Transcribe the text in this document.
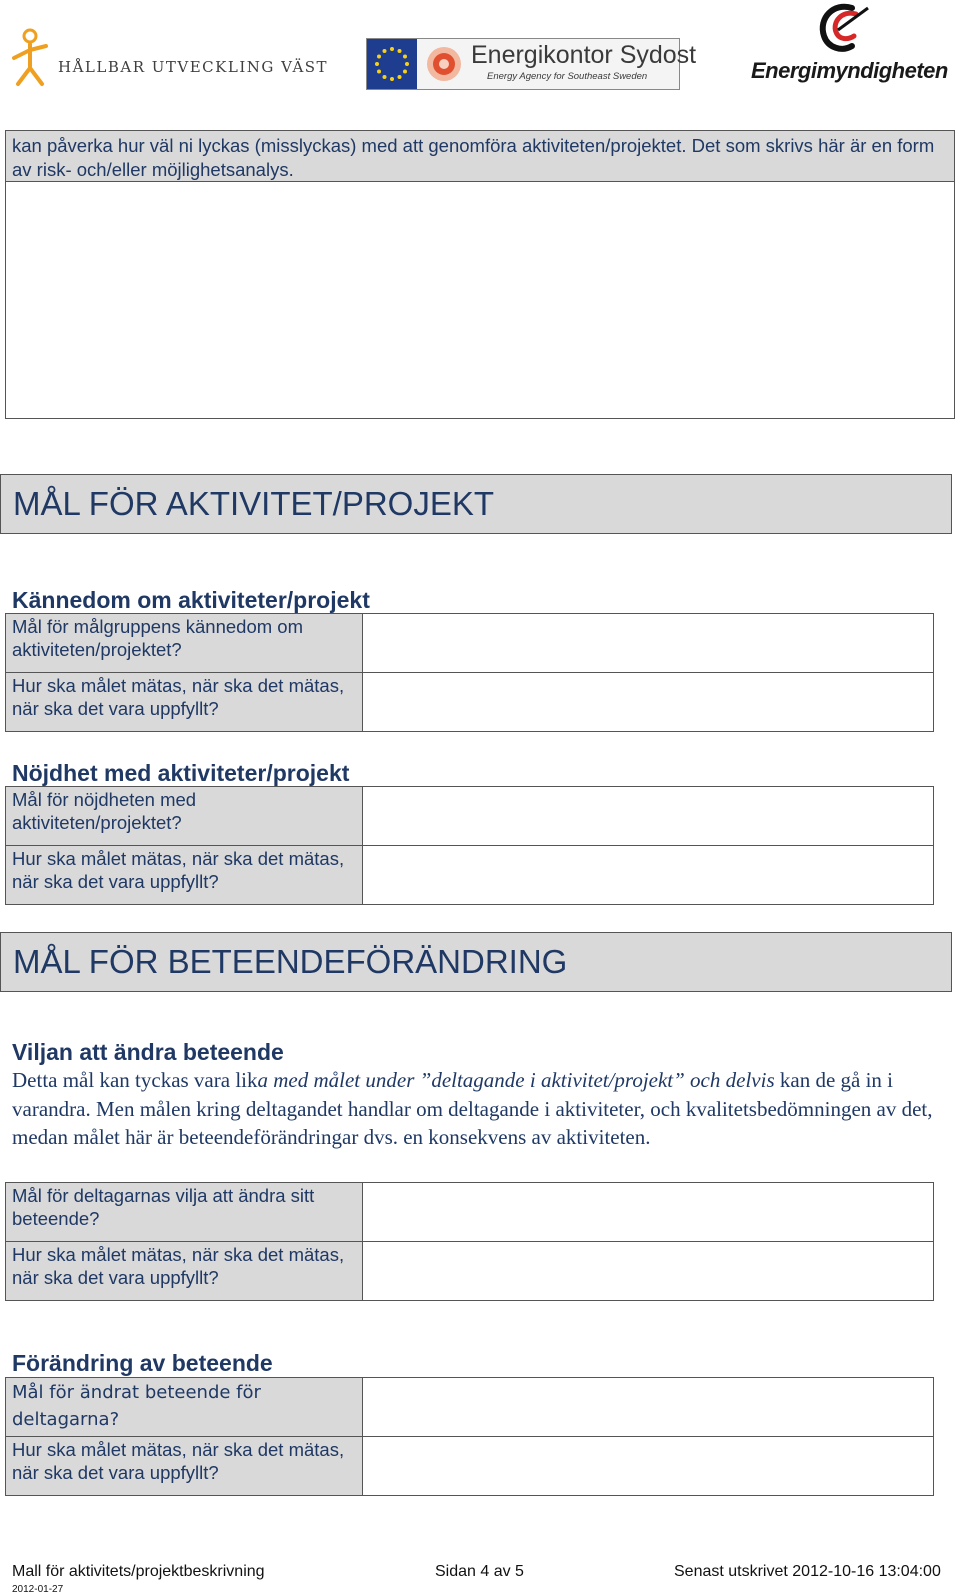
HÅLLBAR UTVECKLING VÄST	Energikontor Sydost
Energy Agency for Southeast Sweden	Energimyndigheten
kan påverka hur väl ni lyckas (misslyckas) med att genomföra aktiviteten/projektet. Det som skrivs här är en form av risk- och/eller möjlighetsanalys.
MÅL FÖR AKTIVITET/PROJEKT
Kännedom om aktiviteter/projekt
Mål för målgruppens kännedom om aktiviteten/projektet?
Hur ska målet mätas, när ska det mätas, när ska det vara uppfyllt?
Nöjdhet med aktiviteter/projekt
Mål för nöjdheten med aktiviteten/projektet?
Hur ska målet mätas, när ska det mätas, när ska det vara uppfyllt?
MÅL FÖR BETEENDEFÖRÄNDRING
Viljan att ändra beteende
Detta mål kan tyckas vara lika med målet under ”deltagande i aktivitet/projekt” och delvis kan de gå in i varandra. Men målen kring deltagandet handlar om deltagande i aktiviteter, och kvalitetsbedömningen av det, medan målet här är beteendeförändringar dvs. en konsekvens av aktiviteten.
Mål för deltagarnas vilja att ändra sitt beteende?
Hur ska målet mätas, när ska det mätas, när ska det vara uppfyllt?
Förändring av beteende
Mål för ändrat beteende för deltagarna?
Hur ska målet mätas, när ska det mätas, när ska det vara uppfyllt?
Mall för aktivitets/projektbeskrivning	Sidan 4 av 5	Senast utskrivet 2012-10-16 13:04:00
2012-01-27
